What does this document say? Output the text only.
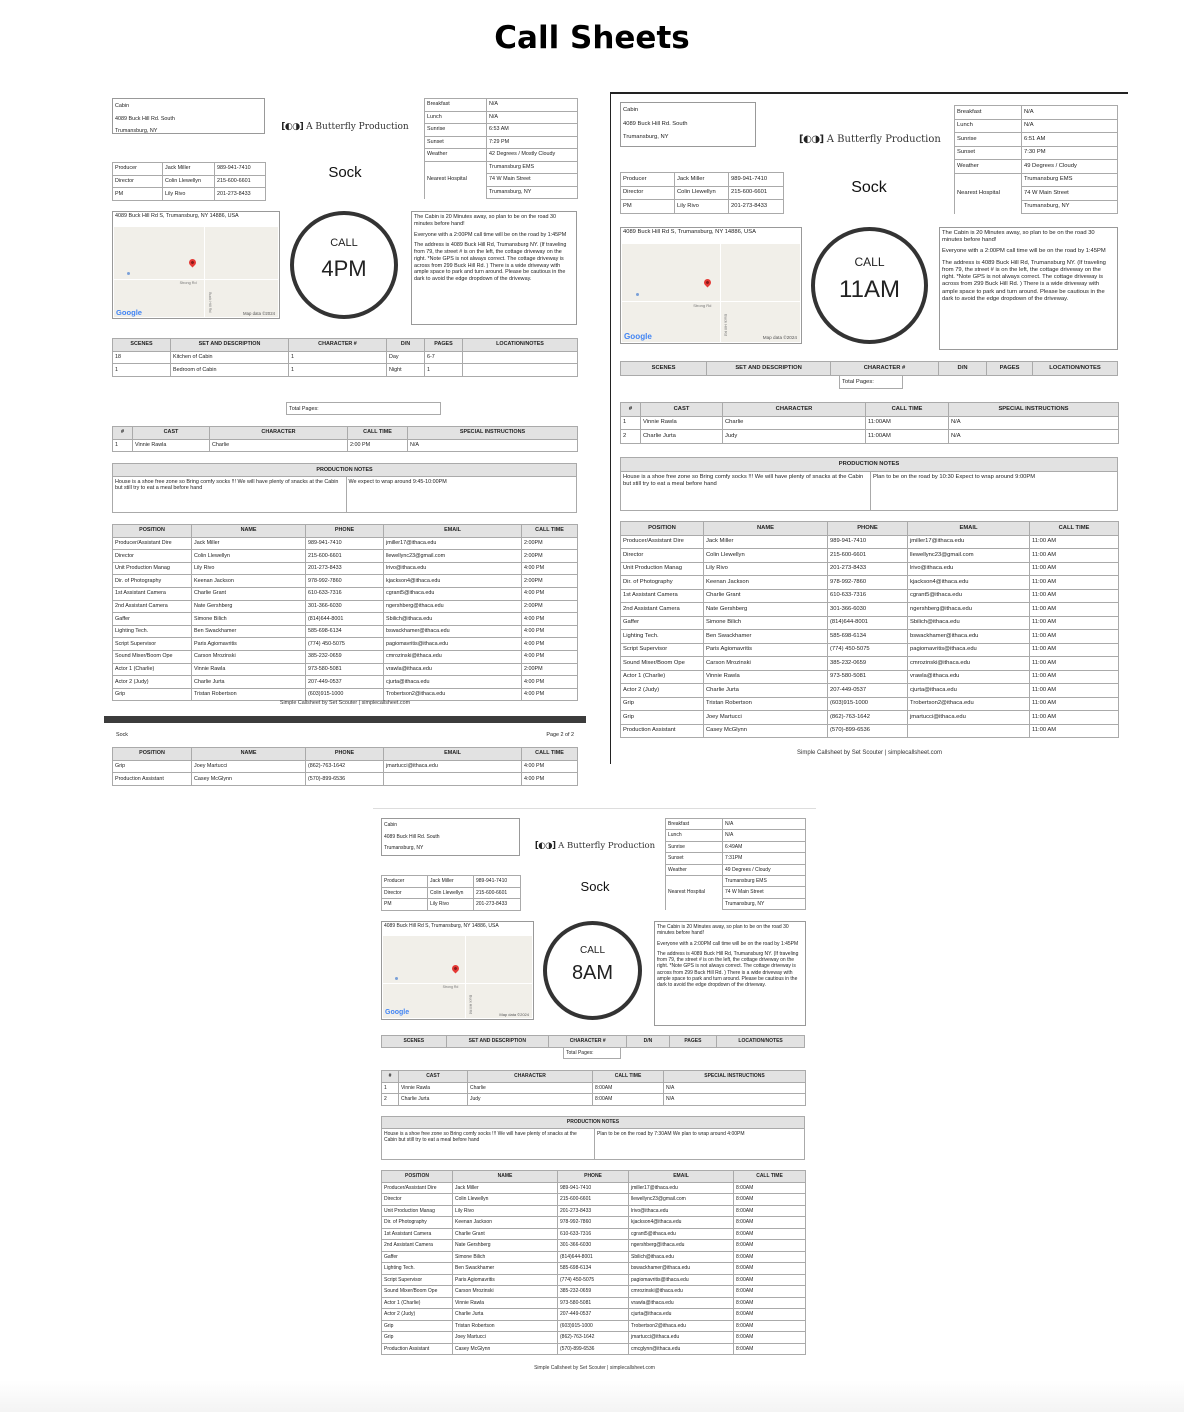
Call Sheets
Cabin
4089 Buck Hill Rd. South
Trumansburg, NY
Producer	Jack Miller	989-941-7410
Director	Colin Llewellyn	215-600-6601
PM	Lily Rivo	201-273-8433
[◐◑] A Butterfly Production
Sock
Breakfast	N/A
Lunch	N/A
Sunrise	6:53 AM
Sunset	7:29 PM
Weather	42 Degrees / Mostly Cloudy
	Trumansburg EMS
Nearest Hospital	74 W Main Street
	Trumansburg, NY
4089 Buck Hill Rd S, Trumansburg, NY 14886, USA
Strong Rd
Buck Hill Rd
Google	Map data ©2024
CALL
4PM

The Cabin is 20 Minutes away, so plan to be on the road 30 minutes before hand!

Everyone with a 2:00PM call time will be on the road by 1:45PM

The address is 4089 Buck Hill Rd, Trumansburg NY. (If traveling from 79, the street # is on the left, the cottage driveway on the right. *Note GPS is not always correct. The cottage driveway is across from 299 Buck Hill Rd. ) There is a wide driveway with ample space to park and turn around. Please be cautious in the dark to avoid the edge dropdown of the driveway.

SCENES	SET AND DESCRIPTION	CHARACTER #	D/N	PAGES	LOCATION/NOTES
18	Kitchen of Cabin	1	Day	6-7	
1	Bedroom of Cabin	1	Night	1	
Total Pages:
#	CAST	CHARACTER	CALL TIME	SPECIAL INSTRUCTIONS
1	Vinnie Rawla	Charlie	2:00 PM	N/A
PRODUCTION NOTES
House is a shoe free zone so Bring comfy socks !!! We will have plenty of snacks at the Cabin but still try to eat a meal before hand
We expect to wrap around 9:45-10:00PM
POSITION	NAME	PHONE	EMAIL	CALL TIME
Producer/Assistant Dire	Jack Miller	989-941-7410	jmiller17@ithaca.edu	2:00PM
Director	Colin Llewellyn	215-600-6601	llewellync23@gmail.com	2:00PM
Unit Production Manag	Lily Rivo	201-273-8433	lrivo@ithaca.edu	4:00 PM
Dir. of Photography	Keenan Jackson	978-992-7860	kjackson4@ithaca.edu	2:00PM
1st Assistant Camera	Charlie Grant	610-633-7316	cgrant5@ithaca.edu	4:00 PM
2nd Assistant Camera	Nate Gershberg	301-366-6030	ngershberg@ithaca.edu	2:00PM
Gaffer	Simone Bilich	(814)644-8001	Sbilich@ithaca.edu	4:00 PM
Lighting Tech.	Ben Swackhamer	585-698-6134	bswackhamer@ithaca.edu	4:00 PM
Script Supervisor	Paris Agiomavritis	(774) 450-5075	pagiomavritis@ithaca.edu	4:00 PM
Sound Mixer/Boom Ope	Carson Mrozinski	385-232-0659	cmrozinski@ithaca.edu	4:00 PM
Actor 1 (Charlie)	Vinnie Rawla	973-580-5081	vrawla@ithaca.edu	2:00PM
Actor 2 (Judy)	Charlie Jurta	207-449-0537	cjurta@ithaca.edu	4:00 PM
Grip	Tristan Robertson	(603)915-1000	Trobertson2@ithaca.edu	4:00 PM
Simple Callsheet by Set Scouter | simplecallsheet.com
Sock	Page 2 of 2
POSITION	NAME	PHONE	EMAIL	CALL TIME
Grip	Joey Martucci	(862)-763-1642	jmartucci@ithaca.edu	4:00 PM
Production Assistant	Casey McGlynn	(570)-899-6536		4:00 PM
Cabin
4089 Buck Hill Rd. South
Trumansburg, NY
Producer	Jack Miller	989-941-7410
Director	Colin Llewellyn	215-600-6601
PM	Lily Rivo	201-273-8433
[◐◑] A Butterfly Production
Sock
Breakfast	N/A
Lunch	N/A
Sunrise	6:51 AM
Sunset	7:30 PM
Weather	49 Degrees / Cloudy
	Trumansburg EMS
Nearest Hospital	74 W Main Street
	Trumansburg, NY
4089 Buck Hill Rd S, Trumansburg, NY 14886, USA
Strong Rd
Buck Hill Rd
Google	Map data ©2024
CALL
11AM

The Cabin is 20 Minutes away, so plan to be on the road 30 minutes before hand!

Everyone with a 2:00PM call time will be on the road by 1:45PM

The address is 4089 Buck Hill Rd, Trumansburg NY. (If traveling from 79, the street # is on the left, the cottage driveway on the right. *Note GPS is not always correct. The cottage driveway is across from 299 Buck Hill Rd. ) There is a wide driveway with ample space to park and turn around. Please be cautious in the dark to avoid the edge dropdown of the driveway.

SCENES	SET AND DESCRIPTION	CHARACTER #	D/N	PAGES	LOCATION/NOTES
Total Pages:
#	CAST	CHARACTER	CALL TIME	SPECIAL INSTRUCTIONS
1	Vinnie Rawla	Charlie	11:00AM	N/A
2	Charlie Jurta	Judy	11:00AM	N/A
PRODUCTION NOTES
House is a shoe free zone so Bring comfy socks !!! We will have plenty of snacks at the Cabin but still try to eat a meal before hand
Plan to be on the road by 10:30 Expect to wrap around 9:00PM
POSITION	NAME	PHONE	EMAIL	CALL TIME
Producer/Assistant Dire	Jack Miller	989-941-7410	jmiller17@ithaca.edu	11:00 AM
Director	Colin Llewellyn	215-600-6601	llewellync23@gmail.com	11:00 AM
Unit Production Manag	Lily Rivo	201-273-8433	lrivo@ithaca.edu	11:00 AM
Dir. of Photography	Keenan Jackson	978-992-7860	kjackson4@ithaca.edu	11:00 AM
1st Assistant Camera	Charlie Grant	610-633-7316	cgrant5@ithaca.edu	11:00 AM
2nd Assistant Camera	Nate Gershberg	301-366-6030	ngershberg@ithaca.edu	11:00 AM
Gaffer	Simone Bilich	(814)644-8001	Sbilich@ithaca.edu	11:00 AM
Lighting Tech.	Ben Swackhamer	585-698-6134	bswackhamer@ithaca.edu	11:00 AM
Script Supervisor	Paris Agiomavritis	(774) 450-5075	pagiomavritis@ithaca.edu	11:00 AM
Sound Mixer/Boom Ope	Carson Mrozinski	385-232-0659	cmrozinski@ithaca.edu	11:00 AM
Actor 1 (Charlie)	Vinnie Rawla	973-580-5081	vrawla@ithaca.edu	11:00 AM
Actor 2 (Judy)	Charlie Jurta	207-449-0537	cjurta@ithaca.edu	11:00 AM
Grip	Tristan Robertson	(603)915-1000	Trobertson2@ithaca.edu	11:00 AM
Grip	Joey Martucci	(862)-763-1642	jmartucci@ithaca.edu	11:00 AM
Production Assistant	Casey McGlynn	(570)-899-6536		11:00 AM
Simple Callsheet by Set Scouter | simplecallsheet.com
Cabin
4089 Buck Hill Rd. South
Trumansburg, NY
Producer	Jack Miller	989-941-7410
Director	Colin Llewellyn	215-600-6601
PM	Lily Rivo	201-273-8433
[◐◑] A Butterfly Production
Sock
Breakfast	N/A
Lunch	N/A
Sunrise	6:49AM
Sunset	7:31PM
Weather	49 Degrees / Cloudy
	Trumansburg EMS
Nearest Hospital	74 W Main Street
	Trumansburg, NY
4089 Buck Hill Rd S, Trumansburg, NY 14886, USA
Strong Rd
Buck Hill Rd
Google	Map data ©2024
CALL
8AM

The Cabin is 20 Minutes away, so plan to be on the road 30 minutes before hand!

Everyone with a 2:00PM call time will be on the road by 1:45PM

The address is 4089 Buck Hill Rd, Trumansburg NY. (If traveling from 79, the street # is on the left, the cottage driveway on the right. *Note GPS is not always correct. The cottage driveway is across from 299 Buck Hill Rd. ) There is a wide driveway with ample space to park and turn around. Please be cautious in the dark to avoid the edge dropdown of the driveway.

SCENES	SET AND DESCRIPTION	CHARACTER #	D/N	PAGES	LOCATION/NOTES
Total Pages:
#	CAST	CHARACTER	CALL TIME	SPECIAL INSTRUCTIONS
1	Vinnie Rawla	Charlie	8:00AM	N/A
2	Charlie Jurta	Judy	8:00AM	N/A
PRODUCTION NOTES
House is a shoe free zone so Bring comfy socks !!! We will have plenty of snacks at the Cabin but still try to eat a meal before hand
Plan to be on the road by 7:30AM We plan to wrap around 4:00PM
POSITION	NAME	PHONE	EMAIL	CALL TIME
Producer/Assistant Dire	Jack Miller	989-941-7410	jmiller17@ithaca.edu	8:00AM
Director	Colin Llewellyn	215-600-6601	llewellync23@gmail.com	8:00AM
Unit Production Manag	Lily Rivo	201-273-8433	lrivo@ithaca.edu	8:00AM
Dir. of Photography	Keenan Jackson	978-992-7860	kjackson4@ithaca.edu	8:00AM
1st Assistant Camera	Charlie Grant	610-633-7316	cgrant5@ithaca.edu	8:00AM
2nd Assistant Camera	Nate Gershberg	301-366-6030	ngershberg@ithaca.edu	8:00AM
Gaffer	Simone Bilich	(814)644-8001	Sbilich@ithaca.edu	8:00AM
Lighting Tech.	Ben Swackhamer	585-698-6134	bswackhamer@ithaca.edu	8:00AM
Script Supervisor	Paris Agiomavritis	(774) 450-5075	pagiomavritis@ithaca.edu	8:00AM
Sound Mixer/Boom Ope	Carson Mrozinski	385-232-0659	cmrozinski@ithaca.edu	8:00AM
Actor 1 (Charlie)	Vinnie Rawla	973-580-5081	vrawla@ithaca.edu	8:00AM
Actor 2 (Judy)	Charlie Jurta	207-449-0537	cjurta@ithaca.edu	8:00AM
Grip	Tristan Robertson	(603)915-1000	Trobertson2@ithaca.edu	8:00AM
Grip	Joey Martucci	(862)-763-1642	jmartucci@ithaca.edu	8:00AM
Production Assistant	Casey McGlynn	(570)-899-6536	cmcglynn@ithaca.edu	8:00AM
Simple Callsheet by Set Scouter | simplecallsheet.com
